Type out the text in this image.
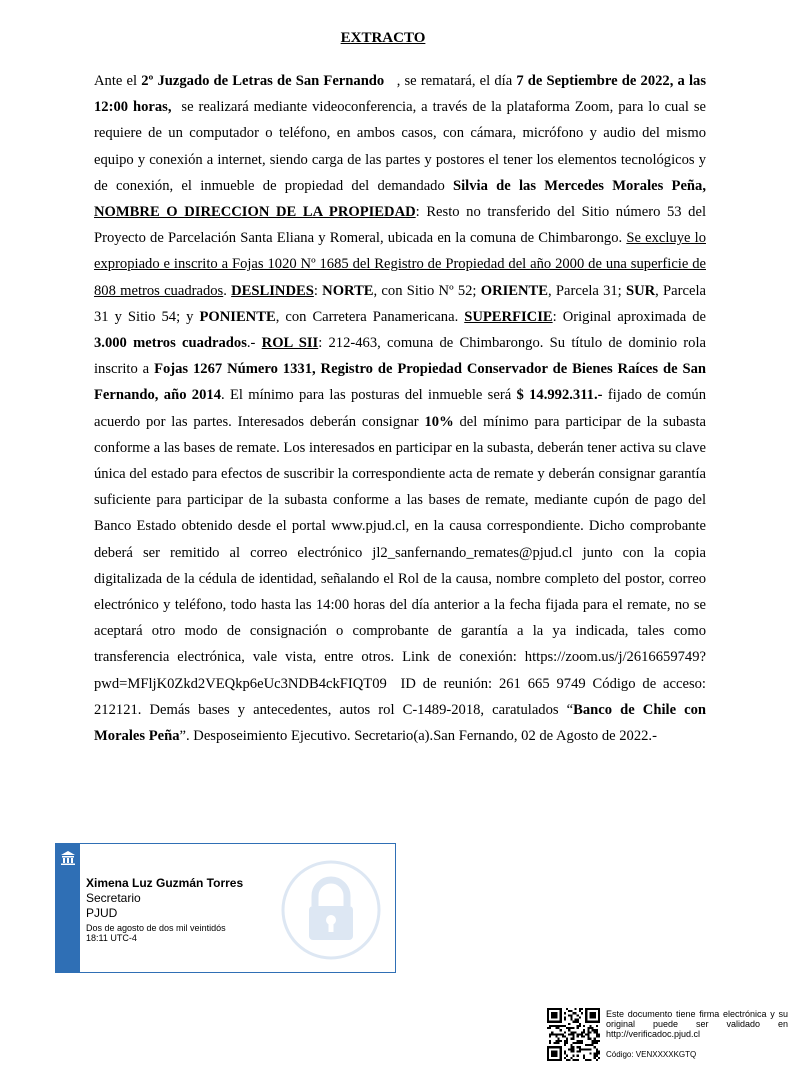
EXTRACTO

Ante el 2º Juzgado de Letras de San Fernando   , se rematará, el día 7 de Septiembre de 2022, a las 12:00 horas,  se realizará mediante videoconferencia, a través de la plataforma Zoom, para lo cual se requiere de un computador o teléfono, en ambos casos, con cámara, micrófono y audio del mismo equipo y conexión a internet, siendo carga de las partes y postores el tener los elementos tecnológicos y de conexión, el inmueble de propiedad del demandado Silvia de las Mercedes Morales Peña, NOMBRE O DIRECCION DE LA PROPIEDAD: Resto no transferido del Sitio número 53 del Proyecto de Parcelación Santa Eliana y Romeral, ubicada en la comuna de Chimbarongo. Se excluye lo expropiado e inscrito a Fojas 1020 Nº 1685 del Registro de Propiedad del año 2000 de una superficie de 808 metros cuadrados. DESLINDES: NORTE, con Sitio Nº 52; ORIENTE, Parcela 31; SUR, Parcela 31 y Sitio 54; y PONIENTE, con Carretera Panamericana. SUPERFICIE: Original aproximada de 3.000 metros cuadrados.- ROL SII: 212-463, comuna de Chimbarongo. Su título de dominio rola inscrito a Fojas 1267 Número 1331, Registro de Propiedad Conservador de Bienes Raíces de San Fernando, año 2014. El mínimo para las posturas del inmueble será $ 14.992.311.- fijado de común acuerdo por las partes. Interesados deberán consignar 10% del mínimo para participar de la subasta conforme a las bases de remate. Los interesados en participar en la subasta, deberán tener activa su clave única del estado para efectos de suscribir la correspondiente acta de remate y deberán consignar garantía suficiente para participar de la subasta conforme a las bases de remate, mediante cupón de pago del Banco Estado obtenido desde el portal www.pjud.cl, en la causa correspondiente. Dicho comprobante deberá ser remitido al correo electrónico jl2_sanfernando_remates@pjud.cl junto con la copia digitalizada de la cédula de identidad, señalando el Rol de la causa, nombre completo del postor, correo electrónico y teléfono, todo hasta las 14:00 horas del día anterior a la fecha fijada para el remate, no se aceptará otro modo de consignación o comprobante de garantía a la ya indicada, tales como transferencia electrónica, vale vista, entre otros. Link de conexión: https://zoom.us/j/2616659749?pwd=MFljK0Zkd2VEQkp6eUc3NDB4ckFIQT09  ID de reunión: 261 665 9749 Código de acceso: 212121. Demás bases y antecedentes, autos rol C-1489-2018, caratulados “Banco de Chile con Morales Peña”. Desposeimiento Ejecutivo. Secretario(a).San Fernando, 02 de Agosto de 2022.-

Ximena Luz Guzmán Torres
Secretario
PJUD
Dos de agosto de dos mil veintidós
18:11 UTC-4
Este documento tiene firma electrónica y su original puede ser validado en http://verificadoc.pjud.cl
Código: VENXXXXKGTQ
